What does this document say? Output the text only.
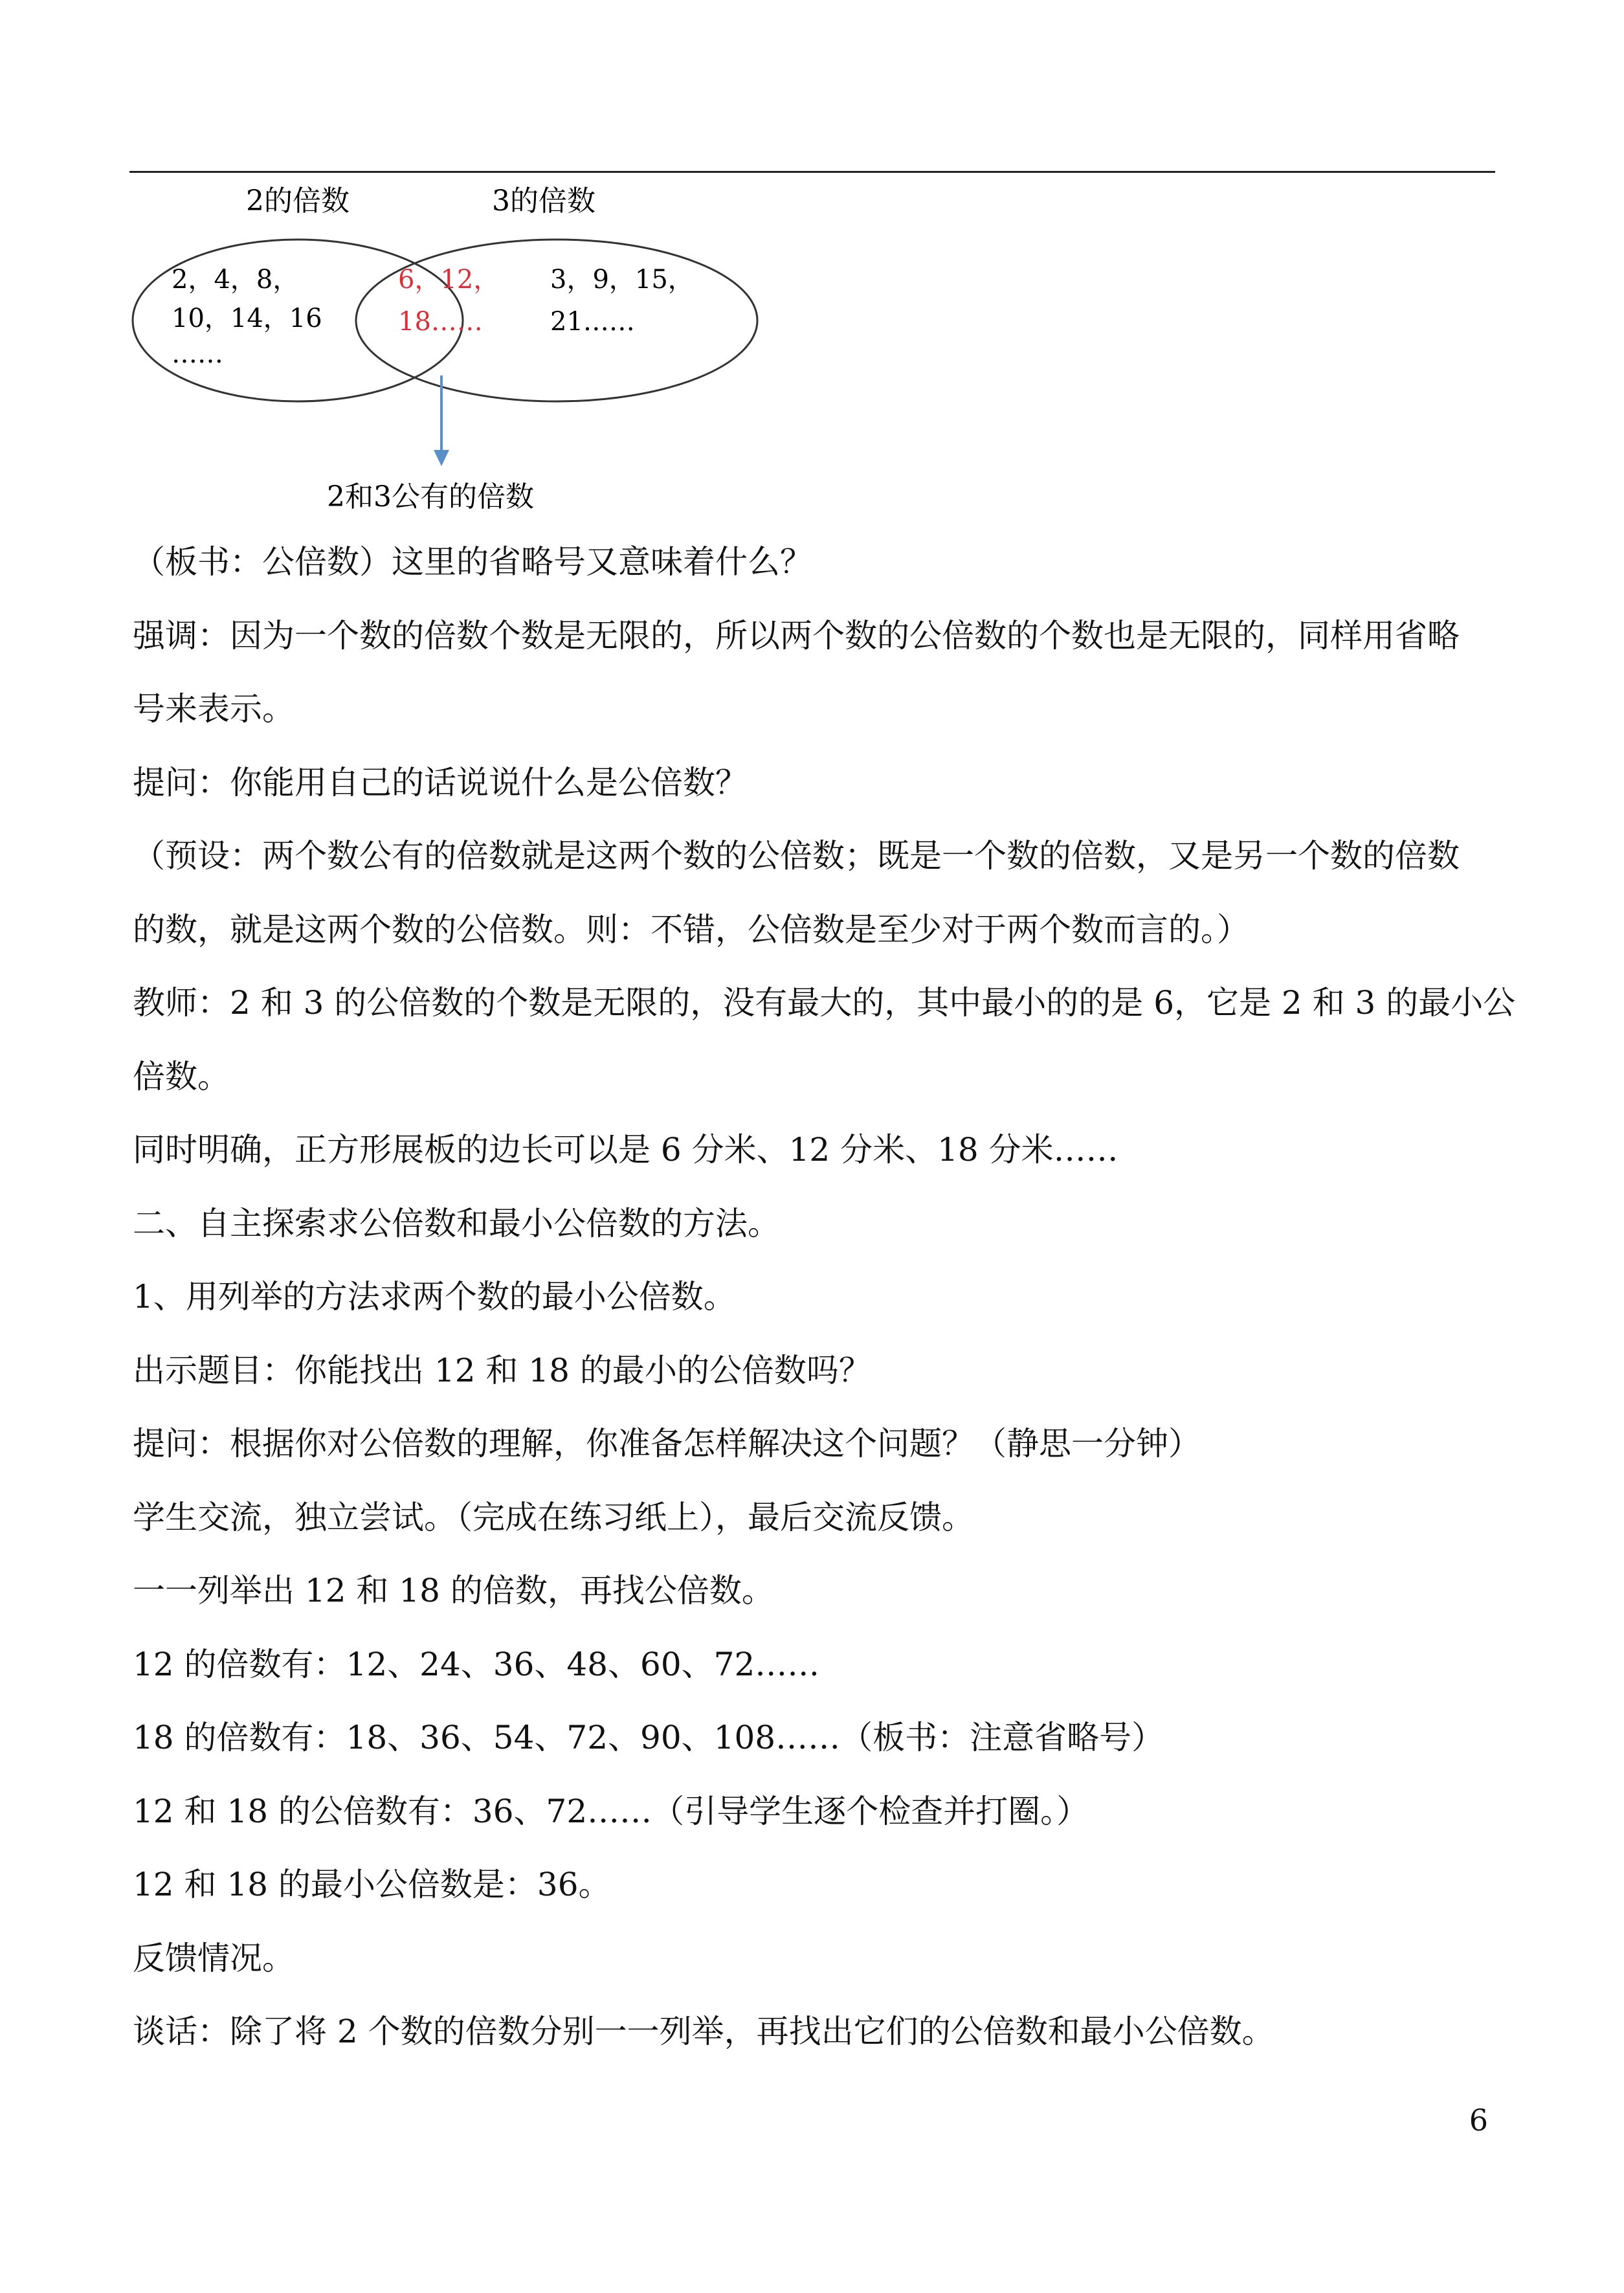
2的倍数	3的倍数
2，4，8，
10，14，16
……
6，12，
18……
3，9，15，
21……
2和3公有的倍数
（板书：公倍数）这里的省略号又意味着什么？
强调：因为一个数的倍数个数是无限的，所以两个数的公倍数的个数也是无限的，同样用省略
号来表示。
提问：你能用自己的话说说什么是公倍数？
（预设：两个数公有的倍数就是这两个数的公倍数；既是一个数的倍数，又是另一个数的倍数
的数，就是这两个数的公倍数。则：不错，公倍数是至少对于两个数而言的。）
教师：2 和 3 的公倍数的个数是无限的，没有最大的，其中最小的的是 6，它是 2 和 3 的最小公
倍数。
同时明确，正方形展板的边长可以是 6 分米、12 分米、18 分米……
二、自主探索求公倍数和最小公倍数的方法。
1、用列举的方法求两个数的最小公倍数。
出示题目：你能找出 12 和 18 的最小的公倍数吗？
提问：根据你对公倍数的理解，你准备怎样解决这个问题？（静思一分钟）
学生交流，独立尝试。（完成在练习纸上），最后交流反馈。
一一列举出 12 和 18 的倍数，再找公倍数。
12 的倍数有：12、24、36、48、60、72……
18 的倍数有：18、36、54、72、90、108……（板书：注意省略号）
12 和 18 的公倍数有：36、72……（引导学生逐个检查并打圈。）
12 和 18 的最小公倍数是：36。
反馈情况。
谈话：除了将 2 个数的倍数分别一一列举，再找出它们的公倍数和最小公倍数。
6
